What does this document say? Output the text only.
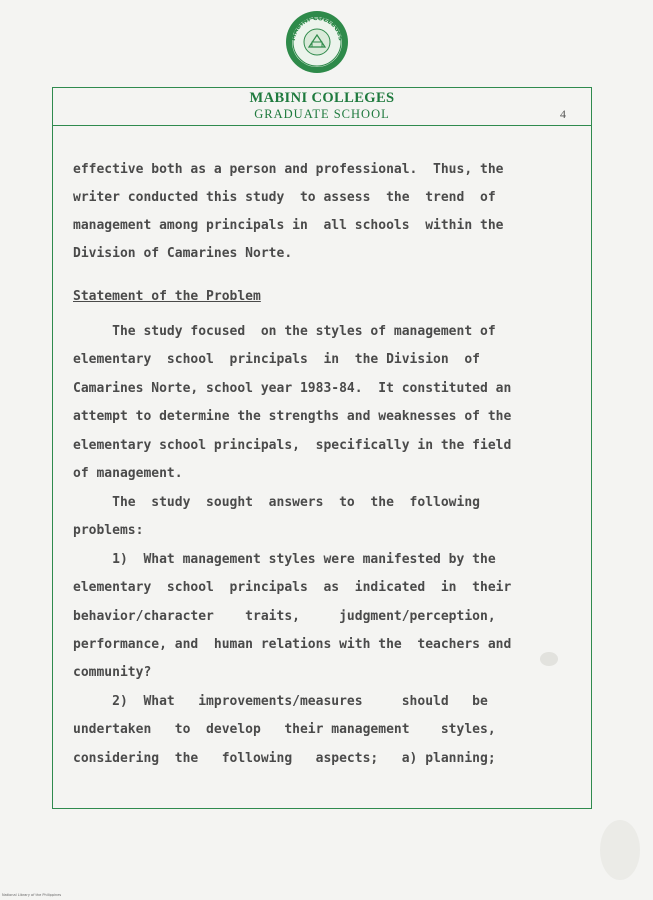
MABINI COLLEGES
MABINI COLLEGES
GRADUATE SCHOOL	4
effective both as a person and professional.  Thus, the
writer conducted this study  to assess  the  trend  of
management among principals in  all schools  within the
Division of Camarines Norte.
Statement of the Problem
The study focused  on the styles of management of
elementary  school  principals  in  the Division  of
Camarines Norte, school year 1983-84.  It constituted an
attempt to determine the strengths and weaknesses of the
elementary school principals,  specifically in the field
of management.
The  study  sought  answers  to  the  following
problems:
1)  What management styles were manifested by the
elementary  school  principals  as  indicated  in  their
behavior/character    traits,     judgment/perception,
performance, and  human relations with the  teachers and
community?
2)  What   improvements/measures     should   be
undertaken   to  develop   their management    styles,
considering  the   following   aspects;   a) planning;
National Library of the Philippines
